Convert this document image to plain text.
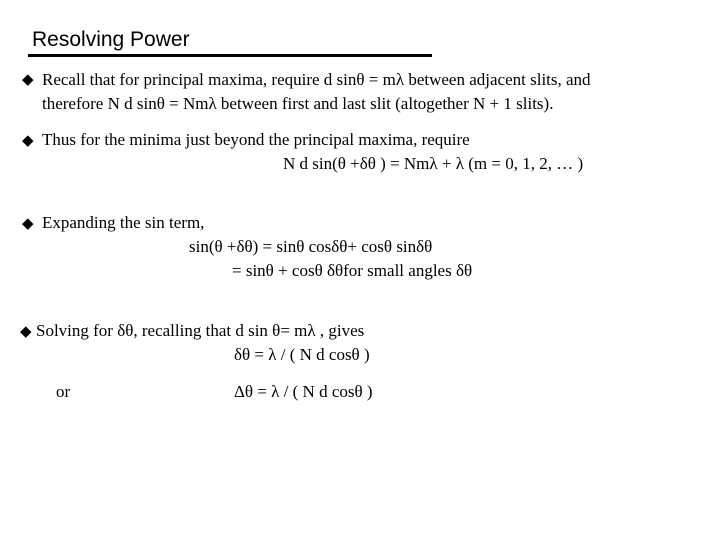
Resolving Power
◆ Recall that for principal maxima, require d sinθ = mλ between adjacent slits, and
therefore N d sinθ = Nmλ between first and last slit (altogether N + 1 slits).
◆ Thus for the minima just beyond the principal maxima, require
N d sin(θ +δθ ) = Nmλ + λ (m = 0, 1, 2, … )
◆ Expanding the sin term,
sin(θ +δθ) = sinθ cosδθ+ cosθ sinδθ
= sinθ + cosθ δθfor small angles δθ
◆ Solving for δθ, recalling that d sin θ= mλ , gives
δθ = λ / ( N d cosθ )
or	Δθ = λ / ( N d cosθ )
